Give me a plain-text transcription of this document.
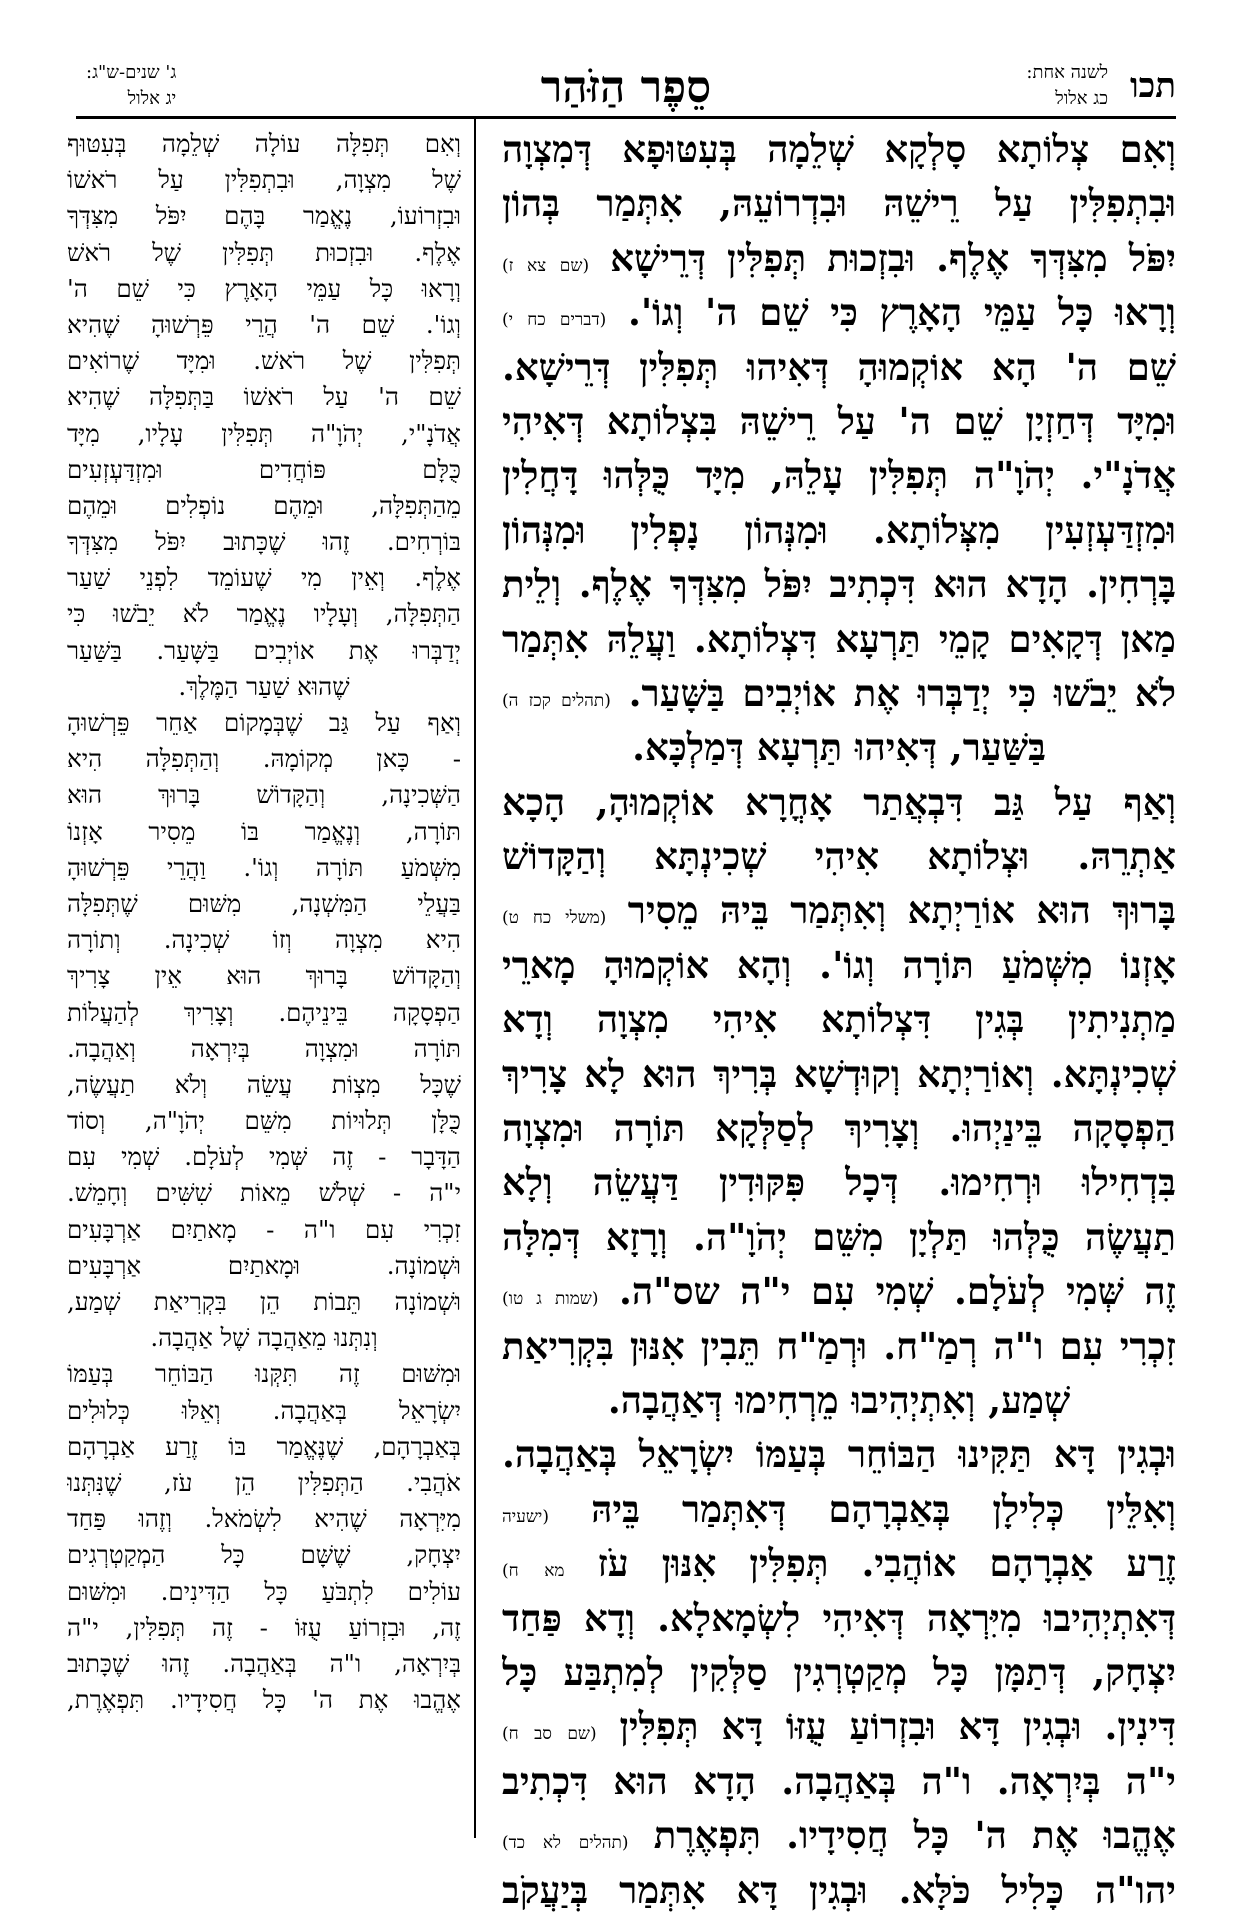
תכו
לשנה אחת:
כג אלול
סֵפֶר הַזֹּהַר
ג' שנים-ש"ג:
יג אלול
וְאִם צְלוֹתָא סָלְקָא שְׁלֵמָה בְּעִטּוּפָא דְּמִצְוָה
וּבִתְפִלִּין עַל רֵישֵׁהּ וּבִדְרוֹעֵהּ, אִתְּמַר בְּהוֹן
יִפֹּל מִצִּדְּךָ אֶלֶף. וּבִזְכוּת תְּפִלִּין דְּרֵישָׁא (שם צא ז)
וְרָאוּ כָּל עַמֵּי הָאָרֶץ כִּי שֵׁם ה' וְגוֹ'. (דברים כח י)
שֵׁם ה' הָא אוֹקְמוּהָ דְּאִיהוּ תְּפִלִּין דְּרֵישָׁא.
וּמִיָּד דְּחַזְיָן שֵׁם ה' עַל רֵישֵׁהּ בִּצְלוֹתָא דְּאִיהִי
אֲדֹנָ"י. יְהֹוָ"ה תְּפִלִּין עָלֵהּ, מִיָּד כֻּלְּהוּ דָּחֲלִין
וּמִזְדַּעְזְעִין מִצְּלוֹתָא. וּמִנְּהוֹן נָפְלִין וּמִנְּהוֹן
בָּרְחִין. הָדָא הוּא דִּכְתִיב יִפֹּל מִצִּדְּךָ אֶלֶף. וְלֵית
מַאן דְּקָאִים קָמֵי תַּרְעָא דִּצְלוֹתָא. וַעֲלֵהּ אִתְּמַר
לֹא יֵבֹשׁוּ כִּי יְדַבְּרוּ אֶת אוֹיְבִים בַּשָּׁעַר. (תהלים קכז ה)
בַּשַּׁעַר, דְּאִיהוּ תַּרְעָא דְּמַלְכָּא.
וְאַף עַל גַּב דִּבְאֲתַר אָחֳרָא אוֹקְמוּהָ, הָכָא
אַתְרֵהּ. וּצְלוֹתָא אִיהִי שְׁכִינְתָּא וְהַקָּדוֹשׁ
בָּרוּךְ הוּא אוֹרַיְתָא וְאִתְּמַר בֵּיהּ מֵסִיר (משלי כח ט)
אָזְנוֹ מִשְּׁמֹעַ תּוֹרָה וְגוֹ'. וְהָא אוֹקְמוּהָ מָארֵי
מַתְנִיתִין בְּגִין דִּצְלוֹתָא אִיהִי מִצְוָה וְדָא
שְׁכִינְתָּא. וְאוֹרַיְתָא וְקוּדְשָׁא בְּרִיךְ הוּא לָא צָרִיךְ
הַפְסָקָה בֵּינַיְהוּ. וְצָרִיךְ לְסַלְּקָא תּוֹרָה וּמִצְוָה
בִּדְחִילוּ וּרְחִימוּ. דְּכָל פִּקּוּדִין דַּעֲשֵׂה וְלָא
תַעֲשֶׂה כֻּלְּהוּ תַּלְיָן מִשֵּׁם יְהֹוָ"ה. וְרָזָא דְּמִלָּה
זֶה שְּׁמִי לְעֹלָם. שְׁמִי עִם י"ה שס"ה. (שמות ג טו)
זִכְרִי עִם ו"ה רְמַ"ח. וּרְמַ"ח תֵּבִין אִנּוּן בִּקְרִיאַת
שְׁמַע, וְאִתְיְהִיבוּ מֵרְחִימוּ דְּאַהֲבָה.
וּבְגִין דָּא תַּקִּינוּ הַבּוֹחֵר בְּעַמּוֹ יִשְׂרָאֵל בְּאַהֲבָה.
וְאִלֵּין כְּלִילָן בְּאַבְרָהָם דְּאִתְּמַר בֵּיהּ (ישעיה
זֶרַע אַבְרָהָם אוֹהֲבִי. תְּפִלִּין אִנּוּן עֹז מא ח)
דְּאִתְיְהִיבוּ מִיִּרְאָה דְּאִיהִי לִשְׂמָאלָא. וְדָא פַּחַד
יִצְחָק, דְּתַמָּן כָּל מְקַטְרְגִין סַלְּקִין לְמִתְבַּע כָּל
דִּינִין. וּבְגִין דָּא וּבִזְרוֹעַ עֻזּוֹ דָּא תְּפִלִּין (שם סב ח)
י"ה בְּיִרְאָה. ו"ה בְּאַהֲבָה. הָדָא הוּא דִּכְתִיב
אֶהֱבוּ אֶת ה' כָּל חֲסִידָיו. תִּפְאֶרֶת (תהלים לא כד)
יהו"ה כָּלִיל כֹּלָּא. וּבְגִין דָּא אִתְּמַר בְּיַעֲקֹב
וְאִם תְּפִלָּה עוֹלָה שְׁלֵמָה בְּעִטּוּף
שֶׁל מִצְוָה, וּבִתְפִלִּין עַל רֹאשׁוֹ
וּבִזְרוֹעוֹ, נֶאֱמַר בָּהֶם יִפֹּל מִצִּדְּךָ
אֶלֶף. וּבִזְכוּת תְּפִלִּין שֶׁל רֹאשׁ
וְרָאוּ כָּל עַמֵּי הָאָרֶץ כִּי שֵׁם ה'
וְגוֹ'. שֵׁם ה' הֲרֵי פֵּרְשׁוּהָ שֶׁהִיא
תְּפִלִּין שֶׁל רֹאשׁ. וּמִיָּד שֶׁרוֹאִים
שֵׁם ה' עַל רֹאשׁוֹ בַּתְּפִלָּה שֶׁהִיא
אֲדֹנָ"י, יְהֹוָ"ה תְּפִלִּין עָלָיו, מִיָּד
כֻּלָּם פּוֹחֲדִים וּמִזְדַּעְזְעִים
מֵהַתְּפִלָּה, וּמֵהֶם נוֹפְלִים וּמֵהֶם
בּוֹרְחִים. זֶהוּ שֶׁכָּתוּב יִפֹּל מִצִּדְּךָ
אֶלֶף. וְאֵין מִי שֶׁעוֹמֵד לִפְנֵי שַׁעַר
הַתְּפִלָּה, וְעָלָיו נֶאֱמַר לֹא יֵבֹשׁוּ כִּי
יְדַבְּרוּ אֶת אוֹיְבִים בַּשָּׁעַר. בַּשַּׁעַר
שֶׁהוּא שַׁעַר הַמֶּלֶךְ.
וְאַף עַל גַּב שֶׁבְּמָקוֹם אַחֵר פֵּרְשׁוּהָ
- כָּאן מְקוֹמָהּ. וְהַתְּפִלָּה הִיא
הַשְּׁכִינָה, וְהַקָּדוֹשׁ בָּרוּךְ הוּא
תּוֹרָה, וְנֶאֱמַר בּוֹ מֵסִיר אָזְנוֹ
מִשְּׁמֹעַ תּוֹרָה וְגוֹ'. וַהֲרֵי פֵּרְשׁוּהָ
בַּעֲלֵי הַמִּשְׁנָה, מִשּׁוּם שֶׁתְּפִלָּה
הִיא מִצְוָה וְזוֹ שְׁכִינָה. וְתוֹרָה
וְהַקָּדוֹשׁ בָּרוּךְ הוּא אֵין צָרִיךְ
הַפְסָקָה בֵּינֵיהֶם. וְצָרִיךְ לְהַעֲלוֹת
תּוֹרָה וּמִצְוָה בְּיִרְאָה וְאַהֲבָה.
שֶׁכָּל מִצְוֹת עֲשֵׂה וְלֹא תַעֲשֶׂה,
כֻּלָּן תְּלוּיוֹת מִשֵּׁם יְהֹוָ"ה, וְסוֹד
הַדָּבָר - זֶה שְּׁמִי לְעֹלָם. שְׁמִי עִם
י"ה - שְׁלֹשׁ מֵאוֹת שִׁשִּׁים וְחָמֵשׁ.
זִכְרִי עִם ו"ה - מָאתַיִם אַרְבָּעִים
וּשְׁמוֹנָה. וּמָאתַיִם אַרְבָּעִים
וּשְׁמוֹנָה תֵּבוֹת הֵן בִּקְרִיאַת שְׁמַע,
וְנִתְּנוּ מֵאַהֲבָה שֶׁל אַהֲבָה.
וּמִשּׁוּם זֶה תִּקְּנוּ הַבּוֹחֵר בְּעַמּוֹ
יִשְׂרָאֵל בְּאַהֲבָה. וְאֵלּוּ כְּלוּלִים
בְּאַבְרָהָם, שֶׁנֶּאֱמַר בּוֹ זֶרַע אַבְרָהָם
אֹהֲבִי. הַתְּפִלִּין הֵן עֹז, שֶׁנִּתְּנוּ
מִיִּרְאָה שֶׁהִיא לִשְׂמֹאל. וְזֶהוּ פַּחַד
יִצְחָק, שֶׁשָּׁם כָּל הַמְקַטְרְגִים
עוֹלִים לִתְבֹּעַ כָּל הַדִּינִים. וּמִשּׁוּם
זֶה, וּבִזְרוֹעַ עֻזּוֹ - זֶה תְּפִלִּין, י"ה
בְּיִרְאָה, ו"ה בְּאַהֲבָה. זֶהוּ שֶׁכָּתוּב
אֶהֱבוּ אֶת ה' כָּל חֲסִידָיו. תִּפְאֶרֶת,
